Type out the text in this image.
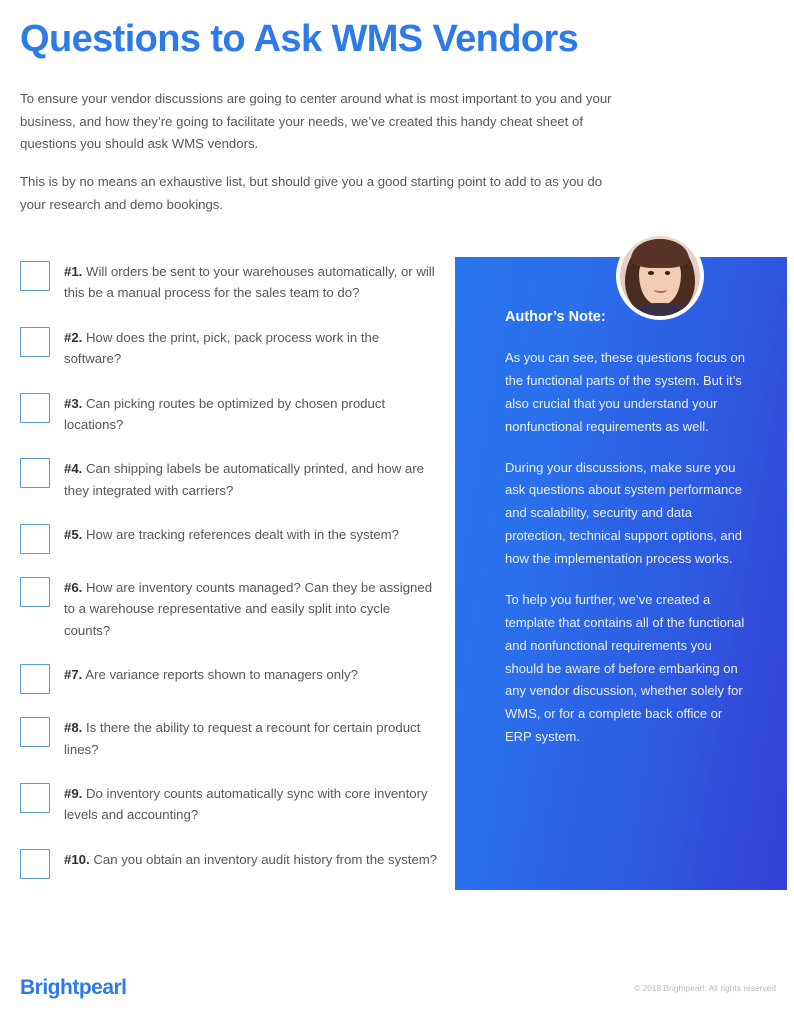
Questions to Ask WMS Vendors

To ensure your vendor discussions are going to center around what is most important to you and your business, and how they’re going to facilitate your needs, we’ve created this handy cheat sheet of questions you should ask WMS vendors.

This is by no means an exhaustive list, but should give you a good starting point to add to as you do your research and demo bookings.

#1. Will orders be sent to your warehouses automatically, or will this be a manual process for the sales team to do?
#2. How does the print, pick, pack process work in the software?
#3. Can picking routes be optimized by chosen product locations?
#4. Can shipping labels be automatically printed, and how are they integrated with carriers?
#5. How are tracking references dealt with in the system?
#6. How are inventory counts managed? Can they be assigned to a warehouse representative and easily split into cycle counts?
#7. Are variance reports shown to managers only?
#8. Is there the ability to request a recount for certain product lines?
#9. Do inventory counts automatically sync with core inventory levels and accounting?
#10. Can you obtain an inventory audit history from the system?
Author’s Note:

As you can see, these questions focus on the functional parts of the system. But it’s also crucial that you understand your nonfunctional requirements as well.

During your discussions, make sure you ask questions about system performance and scalability, security and data protection, technical support options, and how the implementation process works.

To help you further, we’ve created a template that contains all of the functional and nonfunctional requirements you should be aware of before embarking on any vendor discussion, whether solely for WMS, or for a complete back office or ERP system.

Brightpearl	© 2018 Brightpearl. All rights reserved
